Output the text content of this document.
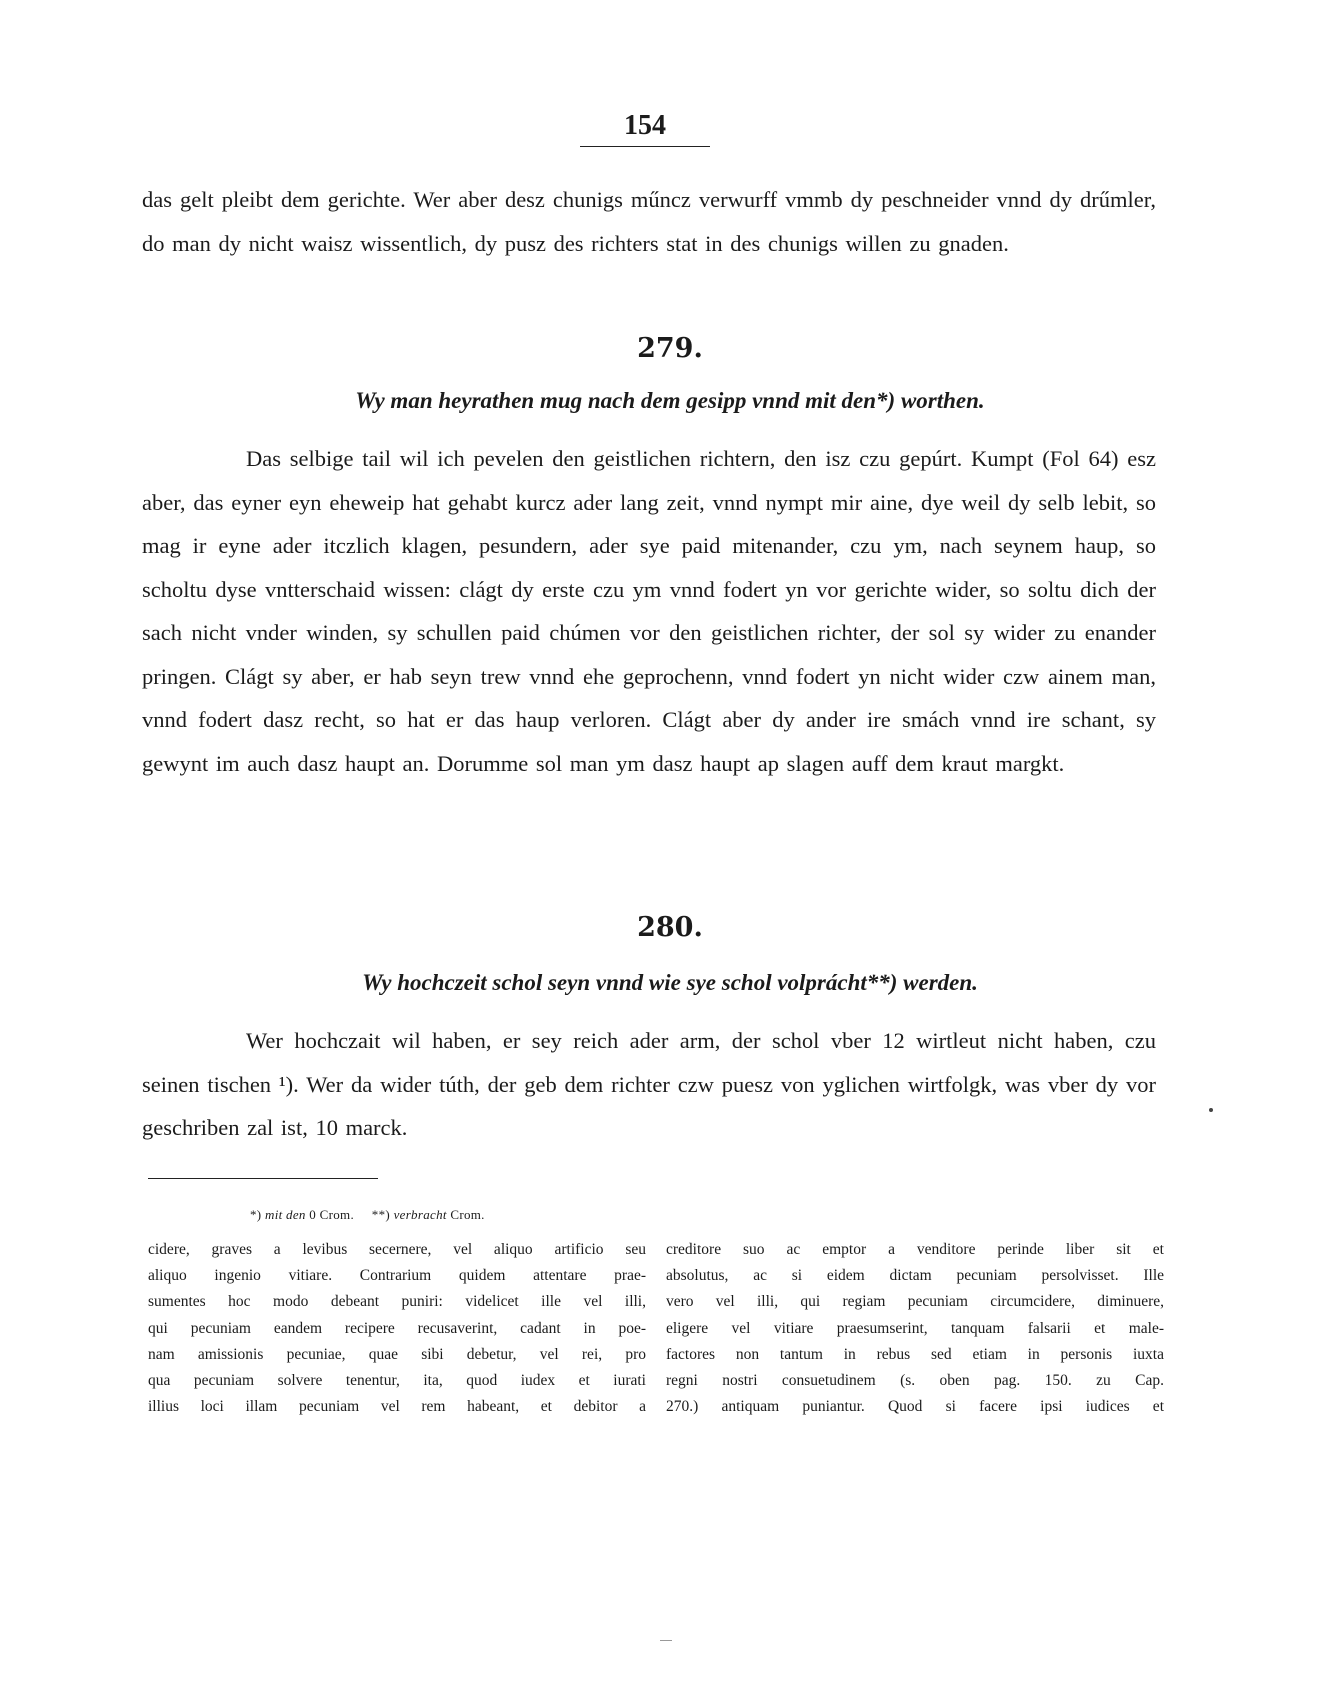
154
das gelt pleibt dem gerichte. Wer aber desz chunigs műncz verwurff vmmb dy peschneider vnnd dy drűmler, do man dy nicht waisz wissentlich, dy pusz des richters stat in des chunigs willen zu gnaden.
279.
Wy man heyrathen mug nach dem gesipp vnnd mit den*) worthen.
Das selbige tail wil ich pevelen den geistlichen richtern, den isz czu gepúrt. Kumpt (Fol 64) esz aber, das eyner eyn eheweip hat gehabt kurcz ader lang zeit, vnnd nympt mir aine, dye weil dy selb lebit, so mag ir eyne ader itczlich klagen, pesundern, ader sye paid mitenander, czu ym, nach seynem haup, so scholtu dyse vntterschaid wissen: clágt dy erste czu ym vnnd fodert yn vor gerichte wider, so soltu dich der sach nicht vnder winden, sy schullen paid chúmen vor den geistlichen richter, der sol sy wider zu enander pringen. Clágt sy aber, er hab seyn trew vnnd ehe geprochenn, vnnd fodert yn nicht wider czw ainem man, vnnd fodert dasz recht, so hat er das haup verloren. Clágt aber dy ander ire smách vnnd ire schant, sy gewynt im auch dasz haupt an. Dorumme sol man ym dasz haupt ap slagen auff dem kraut margkt.
280.
Wy hochczeit schol seyn vnnd wie sye schol volprácht**) werden.
Wer hochczait wil haben, er sey reich ader arm, der schol vber 12 wirtleut nicht haben, czu seinen tischen ¹). Wer da wider túth, der geb dem richter czw puesz von yglichen wirtfolgk, was vber dy vor geschriben zal ist, 10 marck.
*) mit den 0 Crom. **) verbracht Crom.
cidere, graves a levibus secernere, vel aliquo artificio seu
aliquo ingenio vitiare. Contrarium quidem attentare prae-
sumentes hoc modo debeant puniri: videlicet ille vel illi,
qui pecuniam eandem recipere recusaverint, cadant in poe-
nam amissionis pecuniae, quae sibi debetur, vel rei, pro
qua pecuniam solvere tenentur, ita, quod iudex et iurati
illius loci illam pecuniam vel rem habeant, et debitor a
creditore suo ac emptor a venditore perinde liber sit et
absolutus, ac si eidem dictam pecuniam persolvisset. Ille
vero vel illi, qui regiam pecuniam circumcidere, diminuere,
eligere vel vitiare praesumserint, tanquam falsarii et male-
factores non tantum in rebus sed etiam in personis iuxta
regni nostri consuetudinem (s. oben pag. 150. zu Cap.
270.) antiquam puniantur. Quod si facere ipsi iudices et
